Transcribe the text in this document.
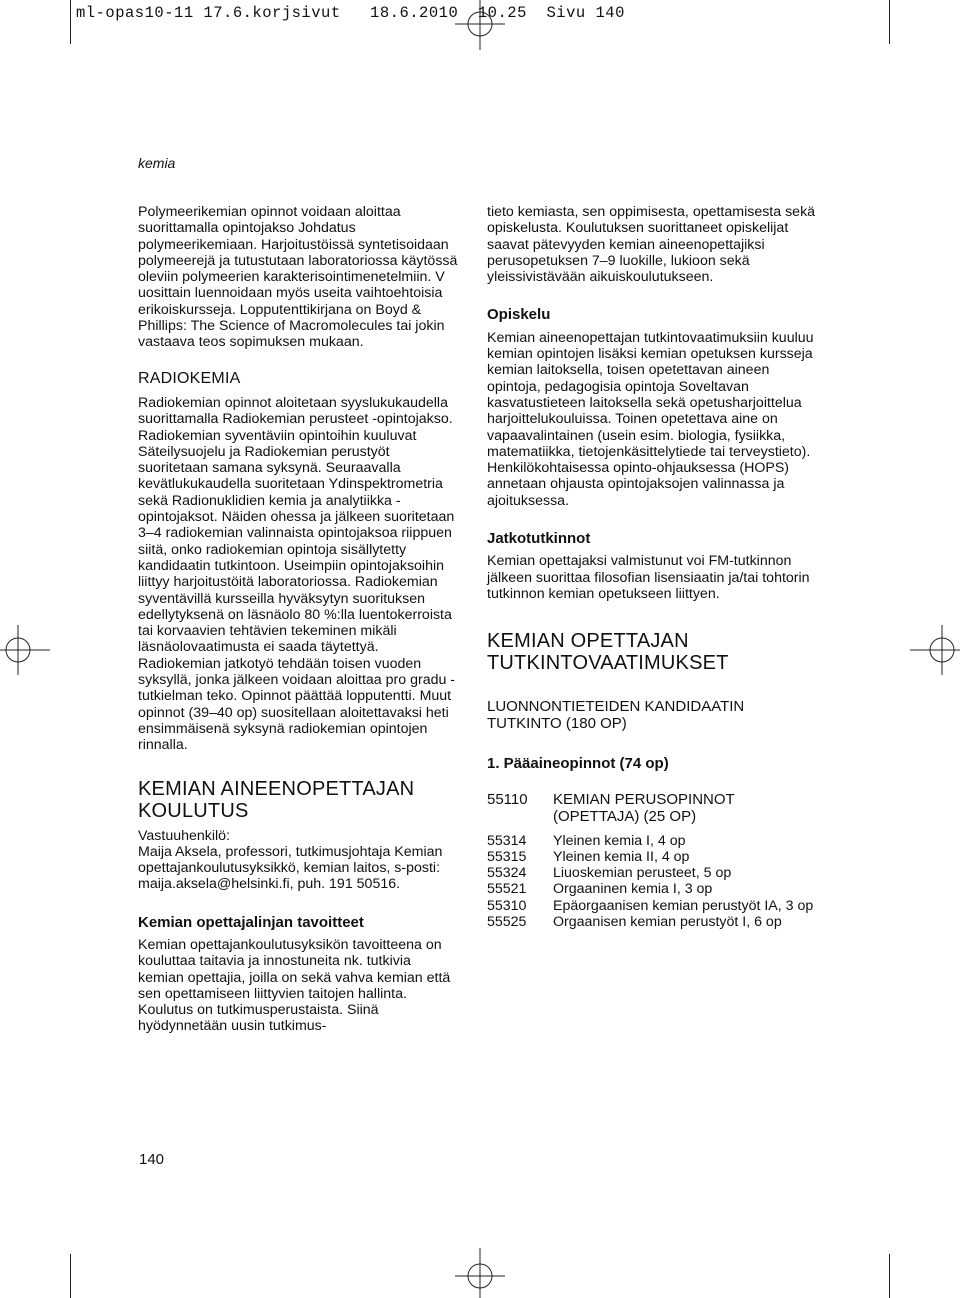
ml-opas10-11 17.6.korjsivut   18.6.2010  10.25  Sivu 140
kemia

Polymeerikemian opinnot voidaan aloittaa suorittamalla opintojakso Johdatus polymeerikemiaan. Harjoitustöissä syntetisoidaan polymeerejä ja tutustutaan laboratoriossa käytössä oleviin polymeerien karakterisointimenetelmiin. V uosittain luennoidaan myös useita vaihtoehtoisia erikoiskursseja. Lopputenttikirjana on Boyd & Phillips: The Science of Macromolecules tai jokin vastaava teos sopimuksen mukaan.

RADIOKEMIA

Radiokemian opinnot aloitetaan syyslukukaudella suorittamalla Radiokemian perusteet -opintojakso. Radiokemian syventäviin opintoihin kuuluvat Säteilysuojelu ja Radiokemian perustyöt suoritetaan samana syksynä. Seuraavalla kevätlukukaudella suoritetaan Ydinspektrometria sekä Radionuklidien kemia ja analytiikka -opintojaksot. Näiden ohessa ja jälkeen suoritetaan 3–4 radiokemian valinnaista opintojaksoa riippuen siitä, onko radiokemian opintoja sisällytetty kandidaatin tutkintoon. Useimpiin opintojaksoihin liittyy harjoitustöitä laboratoriossa. Radiokemian syventävillä kursseilla hyväksytyn suorituksen edellytyksenä on läsnäolo 80 %:lla luentokerroista tai korvaavien tehtävien tekeminen mikäli läsnäolovaatimusta ei saada täytettyä. Radiokemian jatkotyö tehdään toisen vuoden syksyllä, jonka jälkeen voidaan aloittaa pro gradu -tutkielman teko. Opinnot päättää lopputentti. Muut opinnot (39–40 op) suositellaan aloitettavaksi heti ensimmäisenä syksynä radiokemian opintojen rinnalla.

KEMIAN AINEENOPETTAJAN KOULUTUS

Vastuuhenkilö:

Maija Aksela, professori, tutkimusjohtaja Kemian opettajankoulutusyksikkö, kemian laitos, s-posti: maija.aksela@helsinki.fi, puh. 191 50516.

Kemian opettajalinjan tavoitteet

Kemian opettajankoulutusyksikön tavoitteena on kouluttaa taitavia ja innostuneita nk. tutkivia kemian opettajia, joilla on sekä vahva kemian että sen opettamiseen liittyvien taitojen hallinta. Koulutus on tutkimusperustaista. Siinä hyödynnetään uusin tutkimus-

tieto kemiasta, sen oppimisesta, opettamisesta sekä opiskelusta. Koulutuksen suorittaneet opiskelijat saavat pätevyyden kemian aineenopettajiksi perusopetuksen 7–9 luokille, lukioon sekä yleissivistävään aikuiskoulutukseen.

Opiskelu

Kemian aineenopettajan tutkintovaatimuksiin kuuluu kemian opintojen lisäksi kemian opetuksen kursseja kemian laitoksella, toisen opetettavan aineen opintoja, pedagogisia opintoja Soveltavan kasvatustieteen laitoksella sekä opetusharjoittelua harjoittelukouluissa. Toinen opetettava aine on vapaavalintainen (usein esim. biologia, fysiikka, matematiikka, tietojenkäsittelytiede tai terveystieto). Henkilökohtaisessa opinto-ohjauksessa (HOPS) annetaan ohjausta opintojaksojen valinnassa ja ajoituksessa.

Jatkotutkinnot

Kemian opettajaksi valmistunut voi FM-tutkinnon jälkeen suorittaa filosofian lisensiaatin ja/tai tohtorin tutkinnon kemian opetukseen liittyen.

KEMIAN OPETTAJAN TUTKINTOVAATIMUKSET
LUONNONTIETEIDEN KANDIDAATIN TUTKINTO (180 OP)
1. Pääaineopinnot (74 op)
55110	KEMIAN PERUSOPINNOT (OPETTAJA) (25 OP)
55314	Yleinen kemia I, 4 op
55315	Yleinen kemia II, 4 op
55324	Liuoskemian perusteet, 5 op
55521	Orgaaninen kemia I, 3 op
55310	Epäorgaanisen kemian perustyöt IA, 3 op
55525	Orgaanisen kemian perustyöt I, 6 op
140
